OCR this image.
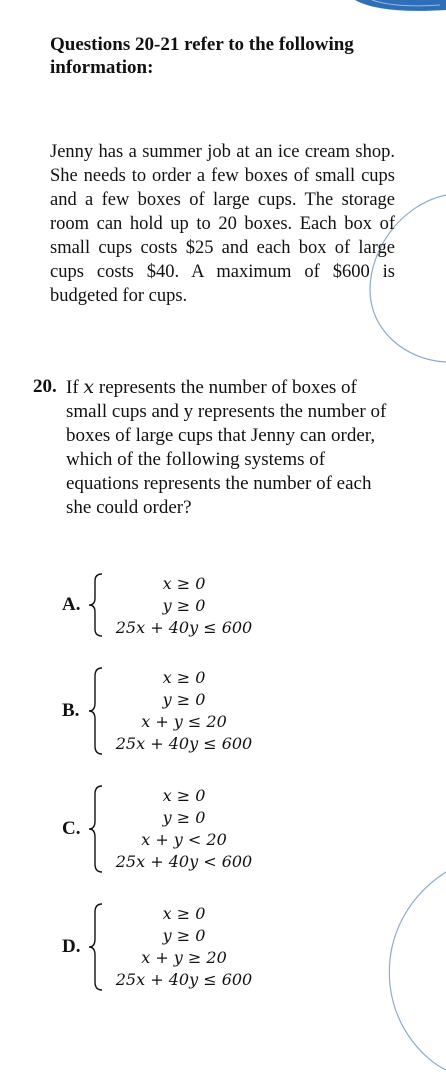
Questions 20-21 refer to the following information:
Jenny has a summer job at an ice cream shop. She needs to order a few boxes of small cups and a few boxes of large cups. The storage room can hold up to 20 boxes. Each box of small cups costs $25 and each box of large cups costs $40. A maximum of $600 is budgeted for cups.
20. If x represents the number of boxes of small cups and y represents the number of boxes of large cups that Jenny can order, which of the following systems of equations represents the number of each she could order?
A.
x ≥ 0
y ≥ 0
25x + 40y ≤ 600
B.
x ≥ 0
y ≥ 0
x + y ≤ 20
25x + 40y ≤ 600
C.
x ≥ 0
y ≥ 0
x + y < 20
25x + 40y < 600
D.
x ≥ 0
y ≥ 0
x + y ≥ 20
25x + 40y ≤ 600
